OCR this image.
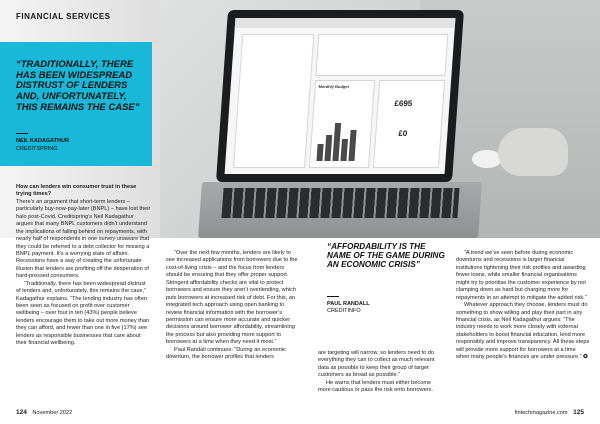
Monthly Budget
£695
£0
FINANCIAL SERVICES

“TRADITIONALLY, THERE HAS BEEN WIDESPREAD DISTRUST OF LENDERS AND, UNFORTUNATELY, THIS REMAINS THE CASE”

NEIL KADAGATHUR

CREDITSPRING

How can lenders win consumer trust in these trying times?

There’s an argument that short-term lenders – particularly buy-now-pay-later (BNPL) – have lost their halo post-Covid. Creditspring’s Neil Kadagathur argues that many BNPL customers didn’t understand the implications of falling behind on repayments, with nearly half of respondents in one survey unaware that they could be referred to a debt collector for missing a BNPL payment. It’s a worrying state of affairs. Recessions have a way of creating the unfortunate illusion that lenders are profiting off the desperation of hard-pressed consumers.

“Traditionally, there has been widespread distrust of lenders and, unfortunately, this remains the case,” Kadagathur explains. “The lending industry has often been seen as focused on profit over customer wellbeing – over four in ten (43%) people believe lenders encourage them to take out more money than they can afford, and fewer than one in five (17%) see lenders as responsible businesses that care about their financial wellbeing.

“Over the next few months, lenders are likely to see increased applications from borrowers due to the cost-of-living crisis – and the focus from lenders should be ensuring that they offer proper support. Stringent affordability checks are vital to protect borrowers and ensure they aren’t overlending, which puts borrowers at increased risk of debt. For this, an integrated tech approach using open banking to review financial information with the borrower’s permission can ensure more accurate and quicker decisions around borrower affordability, streamlining the process but also providing more support to borrowers at a time when they need it most.”

Paul Randall continues: “During an economic downturn, the borrower profiles that lenders

“AFFORDABILITY IS THE NAME OF THE GAME DURING AN ECONOMIC CRISIS”

PAUL RANDALL

CREDITINFO

are targeting will narrow, so lenders need to do everything they can to collect as much relevant data as possible to keep their group of target customers as broad as possible.”

He warns that lenders must either become more cautious or pass the risk onto borrowers.

“A trend we’ve seen before during economic downturns and recessions is larger financial institutions tightening their risk profiles and awarding fewer loans, while smaller financial organisations might try to prioritise the customer experience by not clamping down as hard but charging more for repayments in an attempt to mitigate the added risk.”

Whatever approach they choose, lenders must do something to show willing and play their part in any financial crisis, as Neil Kadagathur argues: “The industry needs to work more closely with external stakeholders to boost financial education, lend more responsibly and improve transparency. All these steps will provide more support for borrowers at a time when many people’s finances are under pressure.” ✪

124 November 2022	fintechmagazine.com 125
